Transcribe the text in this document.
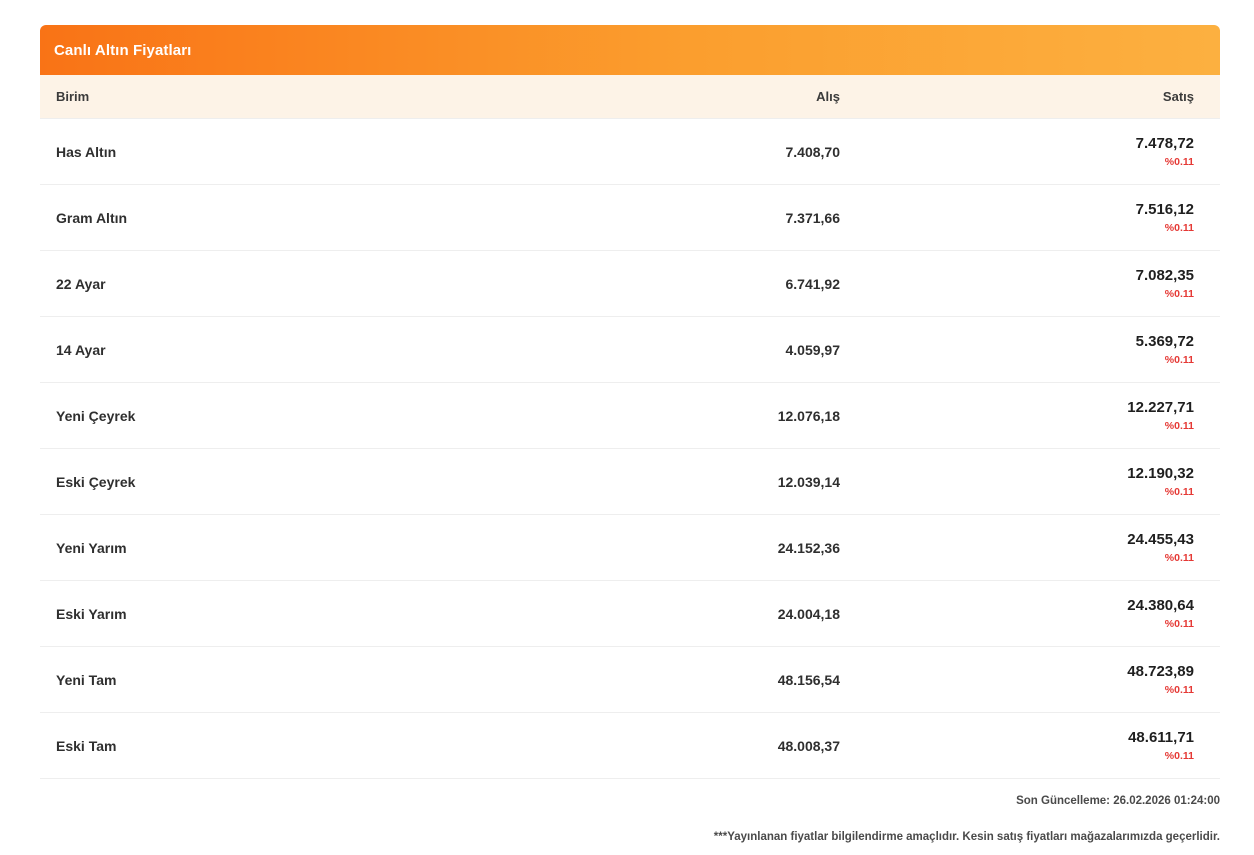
Canlı Altın Fiyatları
Birim	Alış	Satış
Has Altın	7.408,70	7.478,72
%0.11

Gram Altın	7.371,66	7.516,12
%0.11

22 Ayar	6.741,92	7.082,35
%0.11

14 Ayar	4.059,97	5.369,72
%0.11

Yeni Çeyrek	12.076,18	12.227,71
%0.11

Eski Çeyrek	12.039,14	12.190,32
%0.11

Yeni Yarım	24.152,36	24.455,43
%0.11

Eski Yarım	24.004,18	24.380,64
%0.11

Yeni Tam	48.156,54	48.723,89
%0.11

Eski Tam	48.008,37	48.611,71
%0.11
Son Güncelleme: 26.02.2026 01:24:00
***Yayınlanan fiyatlar bilgilendirme amaçlıdır. Kesin satış fiyatları mağazalarımızda geçerlidir.
